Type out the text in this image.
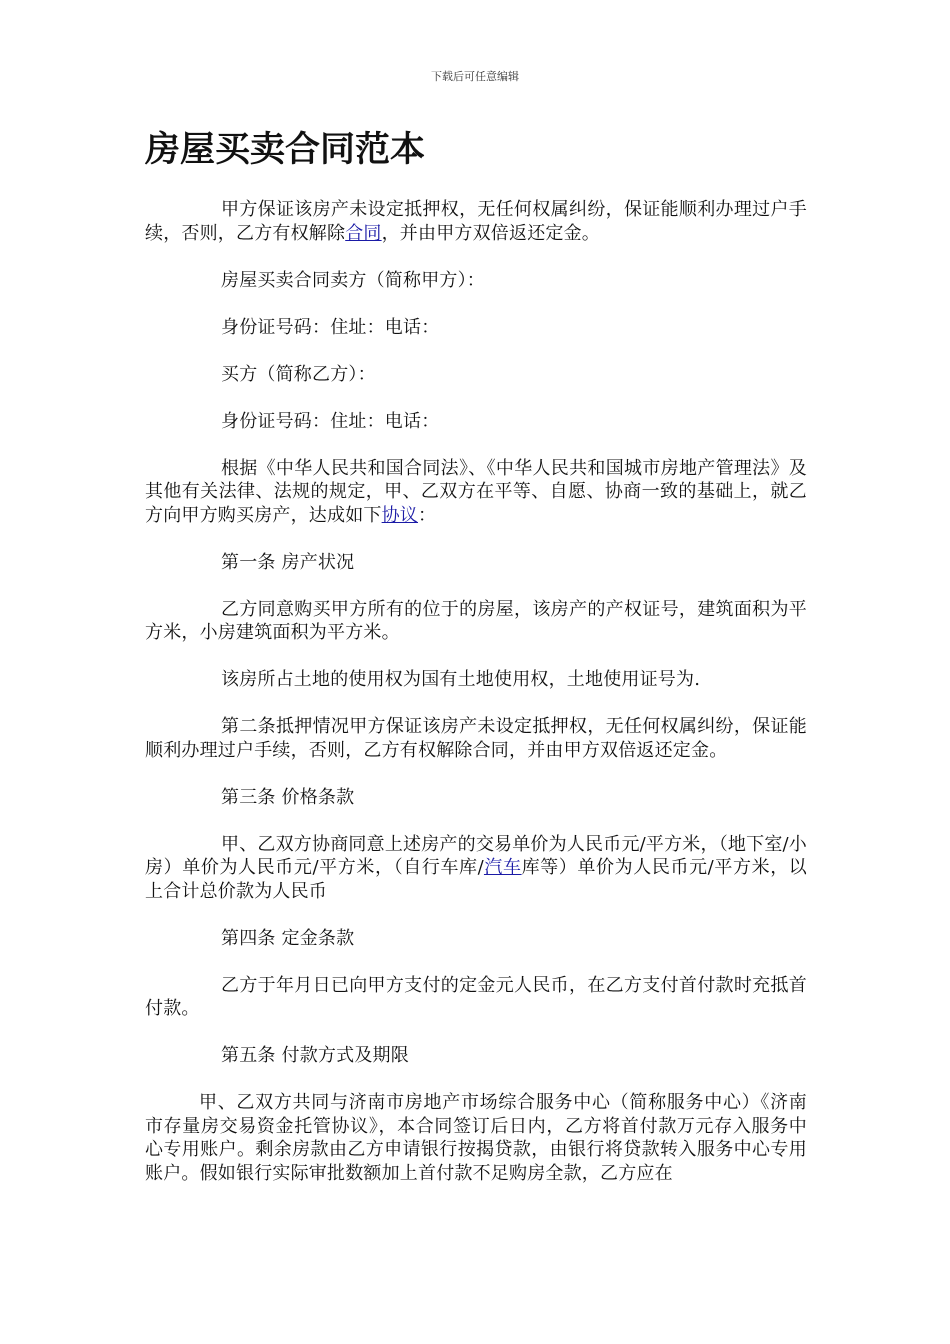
下载后可任意编辑
房屋买卖合同范本

甲方保证该房产未设定抵押权，无任何权属纠纷，保证能顺利办理过户手续，否则，乙方有权解除合同，并由甲方双倍返还定金。

房屋买卖合同卖方（简称甲方）：

身份证号码：住址：电话：

买方（简称乙方）：

身份证号码：住址：电话：

根据《中华人民共和国合同法》、《中华人民共和国城市房地产管理法》及其他有关法律、法规的规定，甲、乙双方在平等、自愿、协商一致的基础上，就乙方向甲方购买房产，达成如下协议：

第一条 房产状况

乙方同意购买甲方所有的位于的房屋，该房产的产权证号，建筑面积为平方米，小房建筑面积为平方米。

该房所占土地的使用权为国有土地使用权，土地使用证号为.

第二条抵押情况甲方保证该房产未设定抵押权，无任何权属纠纷，保证能顺利办理过户手续，否则，乙方有权解除合同，并由甲方双倍返还定金。

第三条 价格条款

甲、乙双方协商同意上述房产的交易单价为人民币元/平方米，（地下室/小房）单价为人民币元/平方米，（自行车库/汽车库等）单价为人民币元/平方米，以上合计总价款为人民币

第四条 定金条款

乙方于年月日已向甲方支付的定金元人民币，在乙方支付首付款时充抵首付款。

第五条 付款方式及期限

甲、乙双方共同与济南市房地产市场综合服务中心（简称服务中心）《济南市存量房交易资金托管协议》，本合同签订后日内，乙方将首付款万元存入服务中心专用账户。剩余房款由乙方申请银行按揭贷款，由银行将贷款转入服务中心专用账户。假如银行实际审批数额加上首付款不足购房全款，乙方应在
